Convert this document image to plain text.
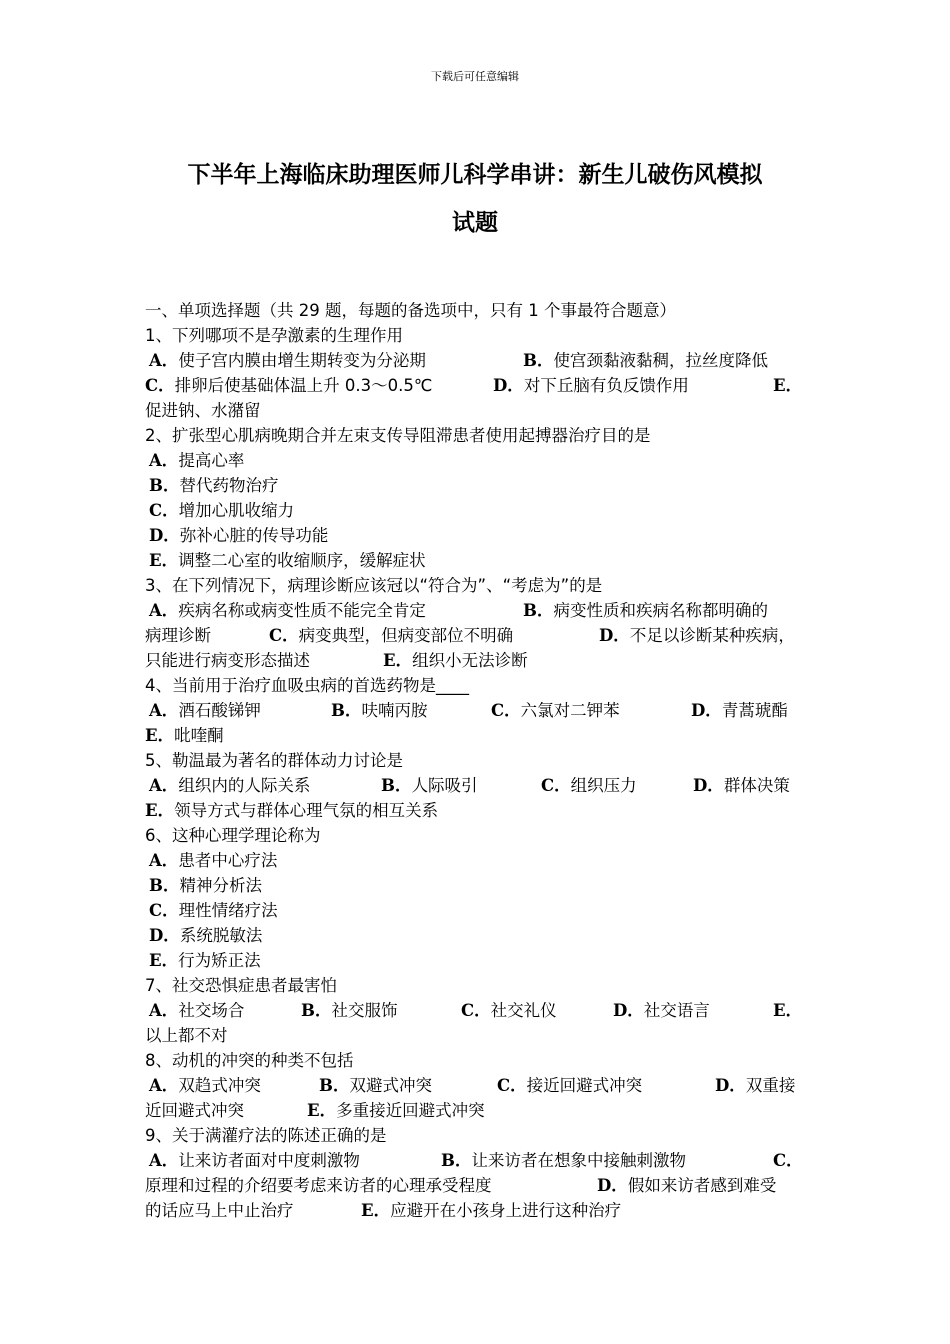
下载后可任意编辑
下半年上海临床助理医师儿科学串讲：新生儿破伤风模拟
试题
一、单项选择题（共 29 题，每题的备选项中，只有 1 个事最符合题意）
1、下列哪项不是孕激素的生理作用
A．使子宫内膜由增生期转变为分泌期	B．使宫颈黏液黏稠，拉丝度降低
C．排卵后使基础体温上升 0.3～0.5℃	D．对下丘脑有负反馈作用	E．
促进钠、水潴留
2、扩张型心肌病晚期合并左束支传导阻滞患者使用起搏器治疗目的是
A．提高心率
B．替代药物治疗
C．增加心肌收缩力
D．弥补心脏的传导功能
E．调整二心室的收缩顺序，缓解症状
3、在下列情况下，病理诊断应该冠以“符合为”、“考虑为”的是
A．疾病名称或病变性质不能完全肯定	B．病变性质和疾病名称都明确的
病理诊断	C．病变典型，但病变部位不明确	D．不足以诊断某种疾病，
只能进行病变形态描述	E．组织小无法诊断
4、当前用于治疗血吸虫病的首选药物是____
A．酒石酸锑钾	B．呋喃丙胺	C．六氯对二钾苯	D．青蒿琥酯
E．吡喹酮
5、勒温最为著名的群体动力讨论是
A．组织内的人际关系	B．人际吸引	C．组织压力	D．群体决策
E．领导方式与群体心理气氛的相互关系
6、这种心理学理论称为
A．患者中心疗法
B．精神分析法
C．理性情绪疗法
D．系统脱敏法
E．行为矫正法
7、社交恐惧症患者最害怕
A．社交场合	B．社交服饰	C．社交礼仪	D．社交语言	E．
以上都不对
8、动机的冲突的种类不包括
A．双趋式冲突	B．双避式冲突	C．接近回避式冲突	D．双重接
近回避式冲突	E．多重接近回避式冲突
9、关于满灌疗法的陈述正确的是
A．让来访者面对中度刺激物	B．让来访者在想象中接触刺激物	C．
原理和过程的介绍要考虑来访者的心理承受程度	D．假如来访者感到难受
的话应马上中止治疗	E．应避开在小孩身上进行这种治疗
